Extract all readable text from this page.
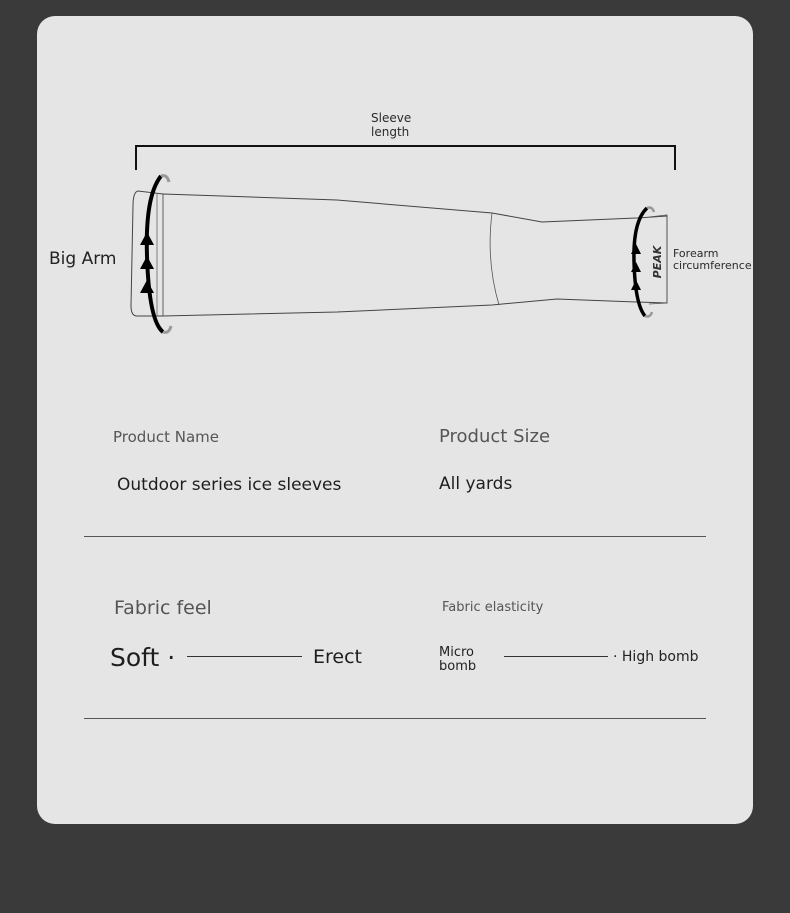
PEAK
Sleeve
length
Big Arm	Forearm
circumference
Product Name
Outdoor series ice sleeves
Product Size
All yards
Fabric feel
Soft ·	Erect
Fabric elasticity
Micro
bomb
· High bomb
